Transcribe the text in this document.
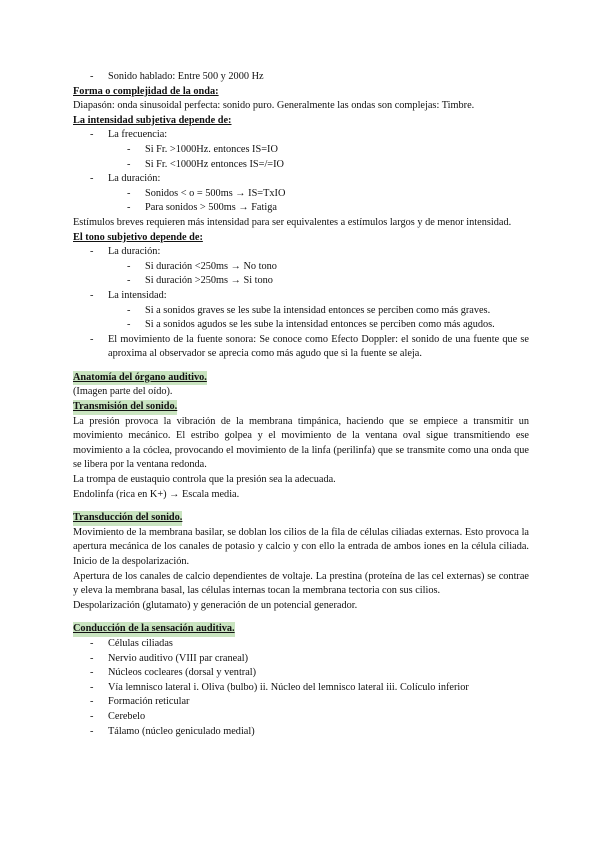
- Sonido hablado: Entre 500 y 2000 Hz
Forma o complejidad de la onda:
Diapasón: onda sinusoidal perfecta: sonido puro. Generalmente las ondas son complejas: Timbre.
La intensidad subjetiva depende de:
- La frecuencia:
- Si Fr. >1000Hz. entonces IS=IO
- Si Fr. <1000Hz entonces IS=/=IO
- La duración:
- Sonidos < o = 500ms → IS=TxIO
- Para sonidos > 500ms → Fatiga
Estímulos breves requieren más intensidad para ser equivalentes a estímulos largos y de menor intensidad.
El tono subjetivo depende de:
- La duración:
- Si duración <250ms → No tono
- Si duración >250ms → Si tono
- La intensidad:
- Si a sonidos graves se les sube la intensidad entonces se perciben como más graves.
- Si a sonidos agudos se les sube la intensidad entonces se perciben como más agudos.
-	El movimiento de la fuente sonora: Se conoce como Efecto Doppler: el sonido de una fuente que se aproxima al observador se aprecia como más agudo que si la fuente se aleja.
Anatomía del órgano auditivo.
(Imagen parte del oído).
Transmisión del sonido.
La presión provoca la vibración de la membrana timpánica, haciendo que se empiece a transmitir un movimiento mecánico. El estribo golpea y el movimiento de la ventana oval sigue transmitiendo ese movimiento a la cóclea, provocando el movimiento de la linfa (perilinfa) que se transmite como una onda que se libera por la ventana redonda.
La trompa de eustaquio controla que la presión sea la adecuada.
Endolinfa (rica en K+) → Escala media.
Transducción del sonido.
Movimiento de la membrana basilar, se doblan los cilios de la fila de células ciliadas externas. Esto provoca la apertura mecánica de los canales de potasio y calcio y con ello la entrada de ambos iones en la célula ciliada. Inicio de la despolarización.
Apertura de los canales de calcio dependientes de voltaje. La prestina (proteína de las cel externas) se contrae y eleva la membrana basal, las células internas tocan la membrana tectoria con sus cilios.
Despolarización (glutamato) y generación de un potencial generador.
Conducción de la sensación auditiva.
- Células ciliadas
- Nervio auditivo (VIII par craneal)
- Núcleos cocleares (dorsal y ventral)
- Vía lemnisco lateral i. Oliva (bulbo) ii. Núcleo del lemnisco lateral iii. Colículo inferior
- Formación reticular
- Cerebelo
- Tálamo (núcleo geniculado medial)
